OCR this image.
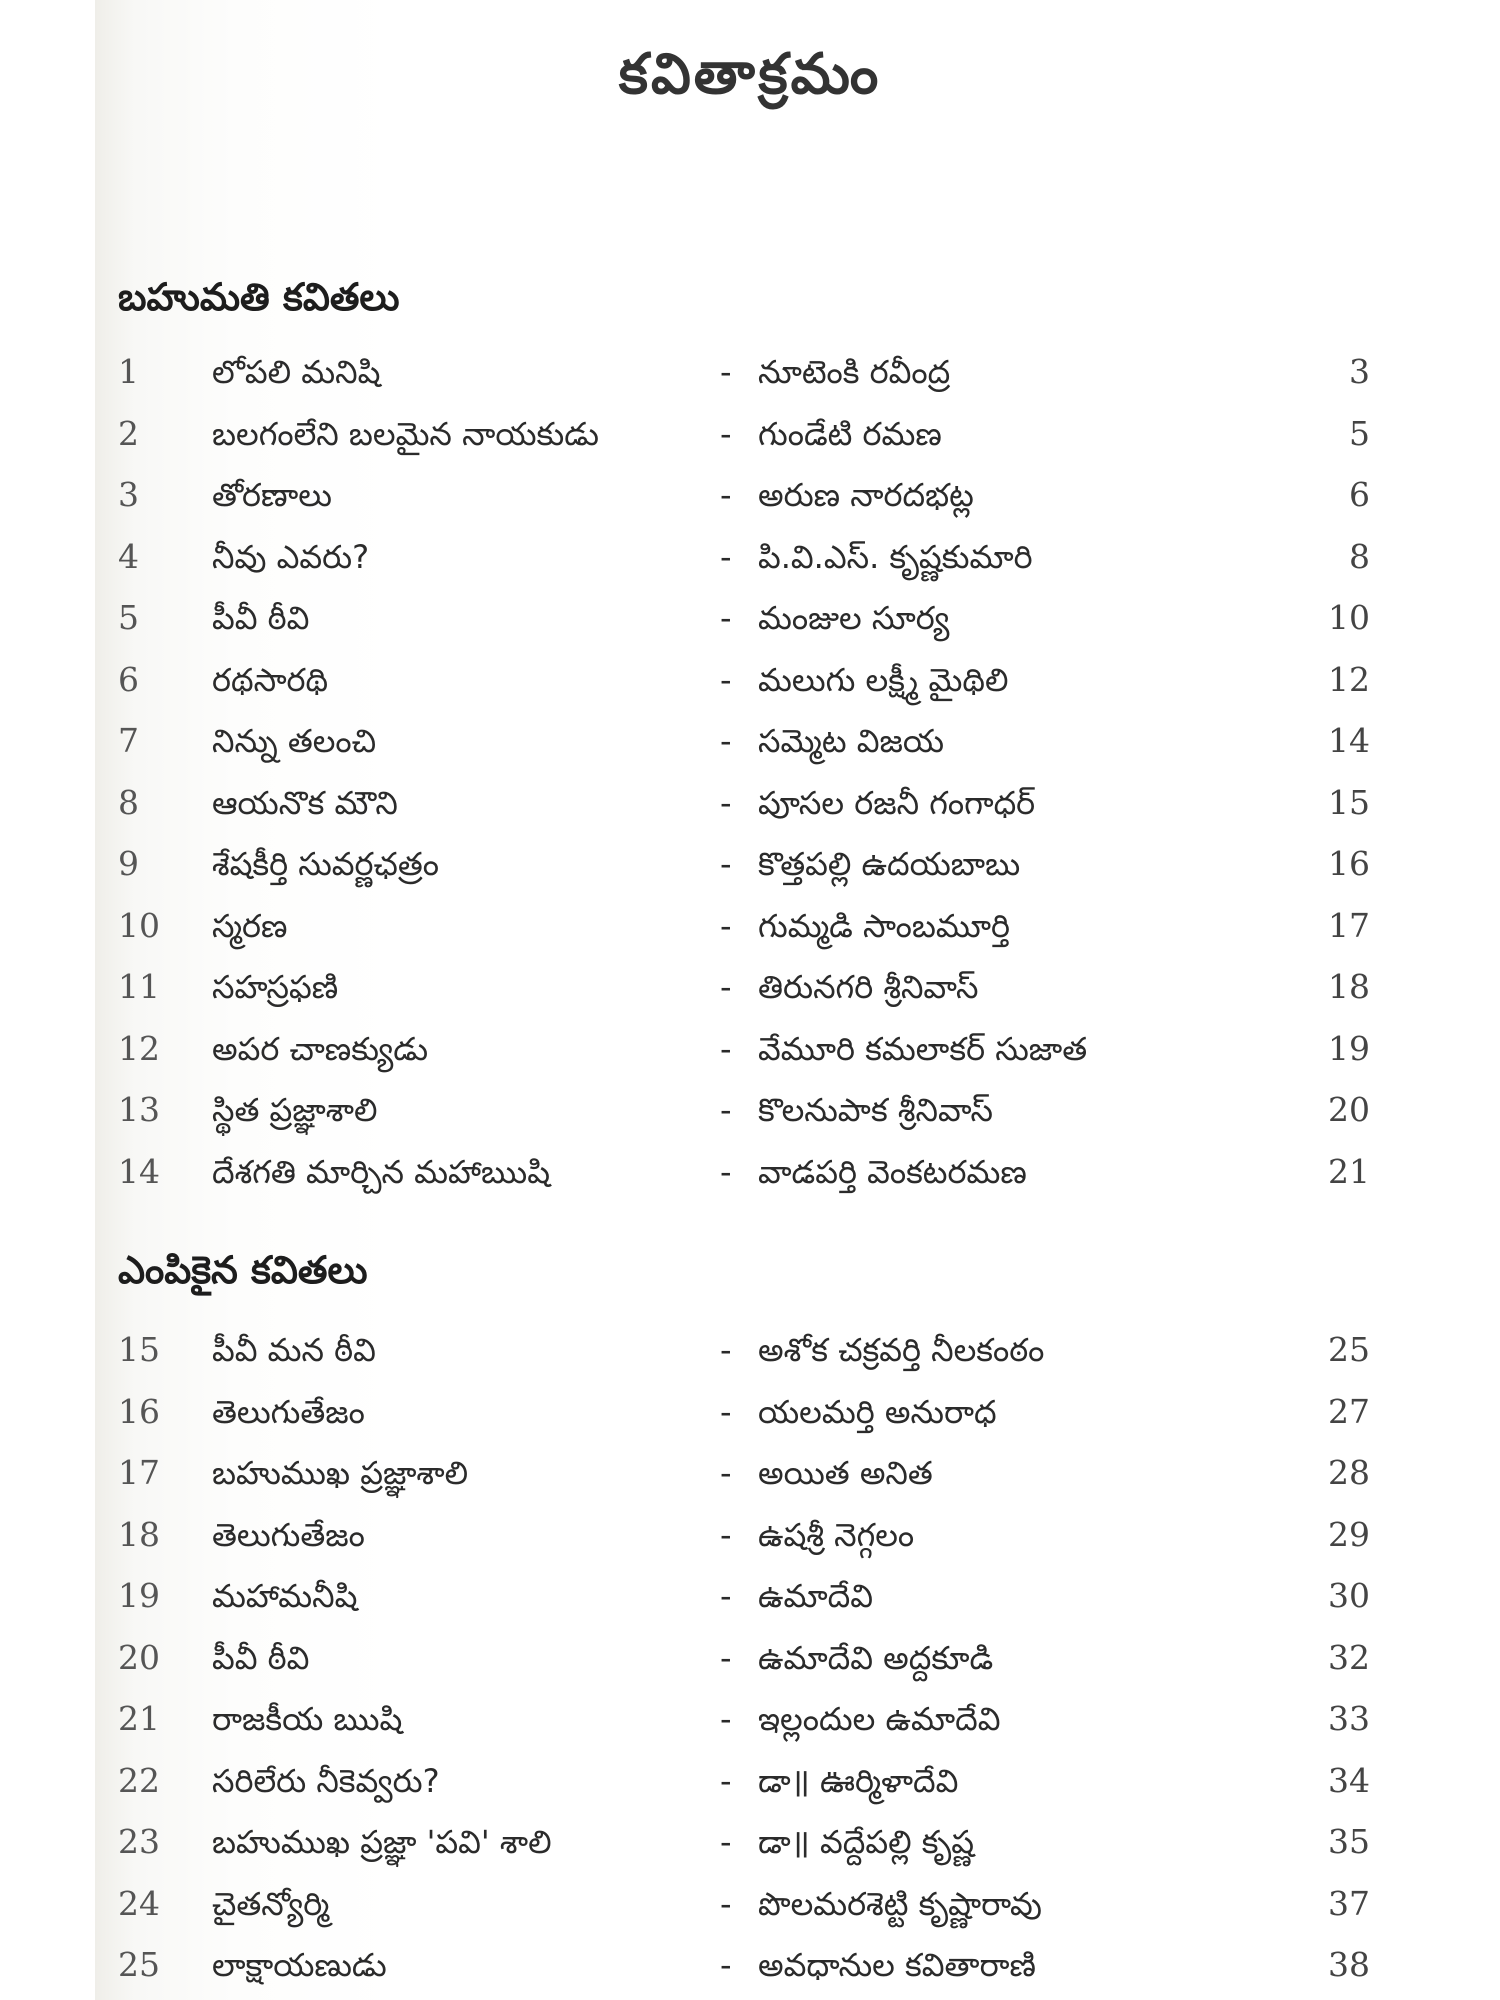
కవితాక్రమం
బహుమతి కవితలు
1	లోపలి మనిషి	- నూటెంకి రవీంద్ర	3
2	బలగంలేని బలమైన నాయకుడు	- గుండేటి రమణ	5
3	తోరణాలు	- అరుణ నారదభట్ల	6
4	నీవు ఎవరు?	- పి.వి.ఎస్. కృష్ణకుమారి	8
5	పీవీ ఠీవి	- మంజుల సూర్య	10
6	రథసారథి	- మలుగు లక్ష్మీ మైథిలి	12
7	నిన్ను తలంచి	- సమ్మెట విజయ	14
8	ఆయనొక మౌని	- పూసల రజనీ గంగాధర్	15
9	శేషకీర్తి సువర్ణఛత్రం	- కొత్తపల్లి ఉదయబాబు	16
10	స్మరణ	- గుమ్మడి సాంబమూర్తి	17
11	సహస్రఫణి	- తిరునగరి శ్రీనివాస్	18
12	అపర చాణక్యుడు	- వేమూరి కమలాకర్ సుజాత	19
13	స్థిత ప్రజ్ఞాశాలి	- కొలనుపాక శ్రీనివాస్	20
14	దేశగతి మార్చిన మహాఋషి	- వాడపర్తి వెంకటరమణ	21
ఎంపికైన కవితలు
15	పీవీ మన ఠీవి	- అశోక చక్రవర్తి నీలకంఠం	25
16	తెలుగుతేజం	- యలమర్తి అనురాధ	27
17	బహుముఖ ప్రజ్ఞాశాలి	- అయిత అనిత	28
18	తెలుగుతేజం	- ఉషశ్రీ నెగ్గలం	29
19	మహామనీషి	- ఉమాదేవి	30
20	పీవీ ఠీవి	- ఉమాదేవి అద్దకూడి	32
21	రాజకీయ ఋషి	- ఇల్లందుల ఉమాదేవి	33
22	సరిలేరు నీకెవ్వరు?	- డా॥ ఊర్మిళాదేవి	34
23	బహుముఖ ప్రజ్ఞా 'పవి' శాలి	- డా॥ వద్దేపల్లి కృష్ణ	35
24	చైతన్యోర్మి	- పొలమరశెట్టి కృష్ణారావు	37
25	లాక్షాయణుడు	- అవధానుల కవితారాణి	38
